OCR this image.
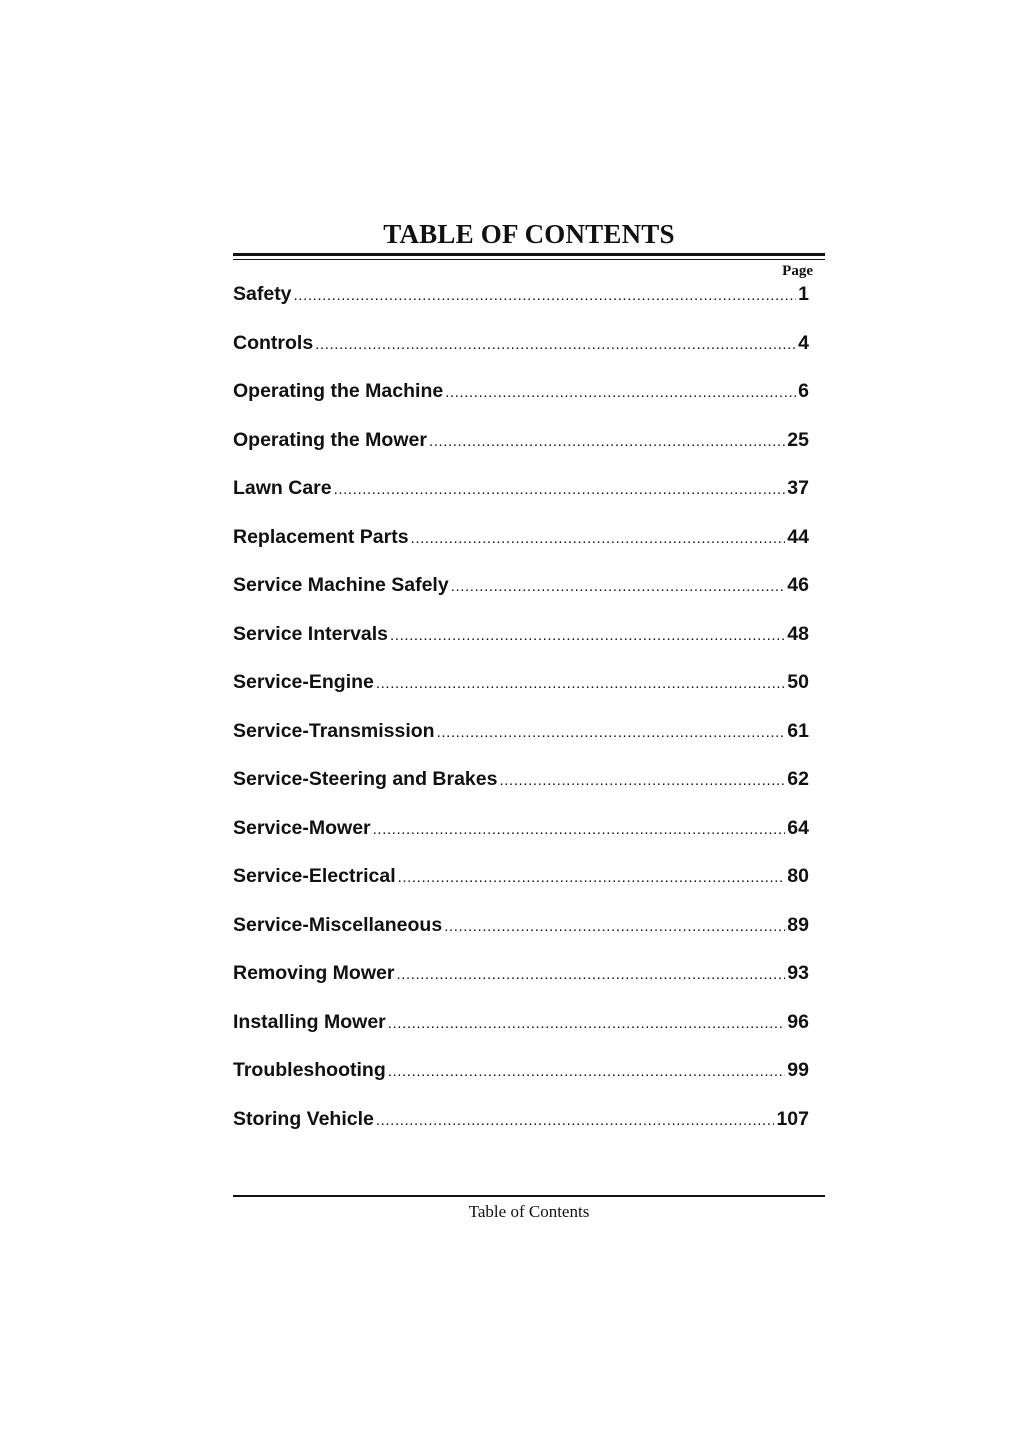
TABLE OF CONTENTS
Page
Safety .....	1
Controls .....	4
Operating the Machine .....	6
Operating the Mower .....	25
Lawn Care .....	37
Replacement Parts .....	44
Service Machine Safely .....	46
Service Intervals .....	48
Service-Engine .....	50
Service-Transmission .....	61
Service-Steering and Brakes .....	62
Service-Mower .....	64
Service-Electrical .....	80
Service-Miscellaneous .....	89
Removing Mower .....	93
Installing Mower .....	96
Troubleshooting .....	99
Storing Vehicle .....	107
Table of Contents
